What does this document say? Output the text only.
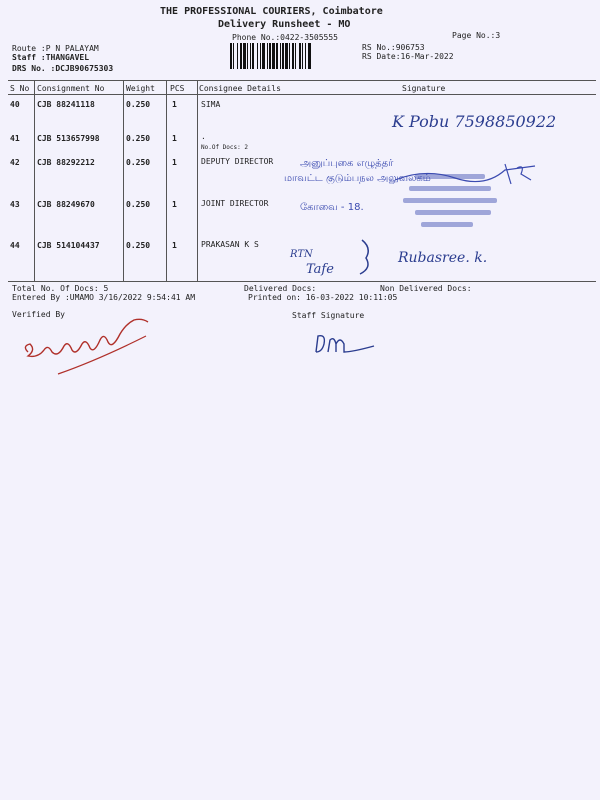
THE PROFESSIONAL COURIERS, Coimbatore
Delivery Runsheet - MO
Phone No.:0422-3505555	Page No.:3
Route :P N PALAYAM
Staff :THANGAVEL
DRS No. :DCJB90675303
RS No.:906753
RS Date:16-Mar-2022
S No Consignment No	Weight PCS Consignee Details	Signature
40 CJB 88241118	0.250	1	SIMA
41 CJB 513657998	0.250	1	.
No.Of Docs: 2
42 CJB 88292212	0.250	1	DEPUTY DIRECTOR
43 CJB 88249670	0.250	1	JOINT DIRECTOR
44 CJB 514104437	0.250	1	PRAKASAN K S
K Pobu 7598850922
Rubasree. k.
RTN
Tafe
அனுப்புகை எழுத்தர்
மாவட்ட குடும்பநல அலுவலகம்
கோவை - 18.
Total No. Of Docs: 5	Delivered Docs:	Non Delivered Docs:
Entered By :UMAMO 3/16/2022 9:54:41 AM	Printed on: 16-03-2022 10:11:05
Verified By	Staff Signature
